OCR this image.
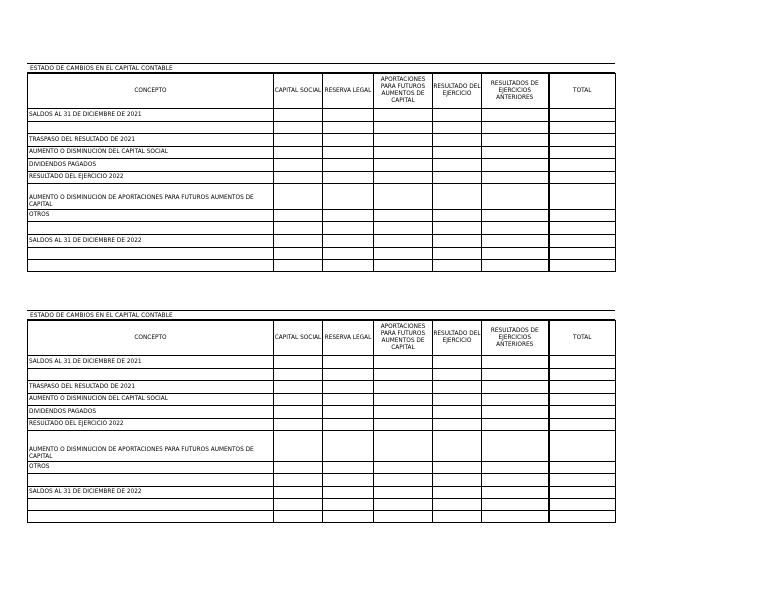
ESTADO DE CAMBIOS EN EL CAPITAL CONTABLE
CONCEPTO	CAPITAL SOCIAL	RESERVA LEGAL	APORTACIONES PARA FUTUROS AUMENTOS DE CAPITAL	RESULTADO DEL EJERCICIO	RESULTADOS DE EJERCICIOS ANTERIORES	TOTAL
SALDOS AL 31 DE DICIEMBRE DE 2021						

TRASPASO DEL RESULTADO DE 2021						
AUMENTO O DISMINUCION DEL CAPITAL SOCIAL						
DIVIDENDOS PAGADOS						
RESULTADO DEL EJERCICIO 2022						
AUMENTO O DISMINUCION DE APORTACIONES PARA FUTUROS AUMENTOS DE CAPITAL						
OTROS						

SALDOS AL 31 DE DICIEMBRE DE 2022						

ESTADO DE CAMBIOS EN EL CAPITAL CONTABLE
CONCEPTO	CAPITAL SOCIAL	RESERVA LEGAL	APORTACIONES PARA FUTUROS AUMENTOS DE CAPITAL	RESULTADO DEL EJERCICIO	RESULTADOS DE EJERCICIOS ANTERIORES	TOTAL
SALDOS AL 31 DE DICIEMBRE DE 2021						

TRASPASO DEL RESULTADO DE 2021						
AUMENTO O DISMINUCION DEL CAPITAL SOCIAL						
DIVIDENDOS PAGADOS						
RESULTADO DEL EJERCICIO 2022						
AUMENTO O DISMINUCION DE APORTACIONES PARA FUTUROS AUMENTOS DE CAPITAL						
OTROS						

SALDOS AL 31 DE DICIEMBRE DE 2022						
